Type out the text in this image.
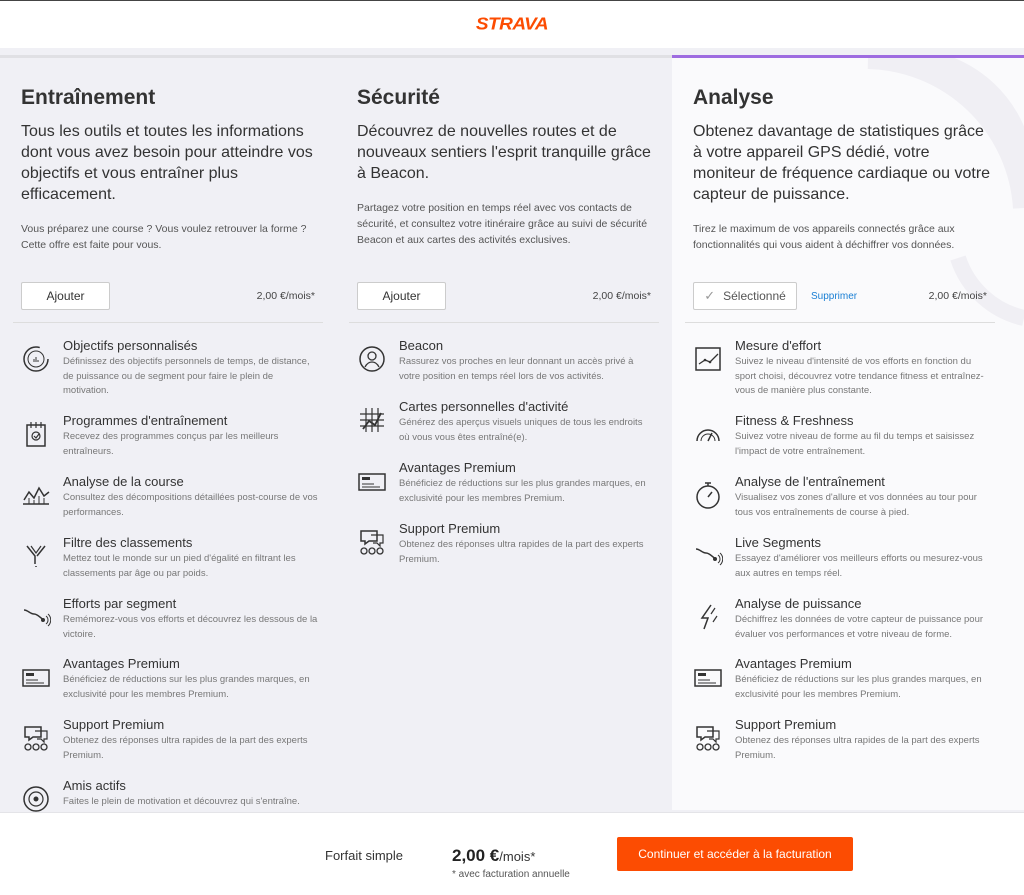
STRAVA
Entraînement
Tous les outils et toutes les informations dont vous avez besoin pour atteindre vos objectifs et vous entraîner plus efficacement.
Vous préparez une course ? Vous voulez retrouver la forme ? Cette offre est faite pour vous.
Ajouter	2,00 €/mois*
Objectifs personnalisés
Définissez des objectifs personnels de temps, de distance, de puissance ou de segment pour faire le plein de motivation.
Programmes d'entraînement
Recevez des programmes conçus par les meilleurs entraîneurs.
Analyse de la course
Consultez des décompositions détaillées post-course de vos performances.
Filtre des classements
Mettez tout le monde sur un pied d'égalité en filtrant les classements par âge ou par poids.
Efforts par segment
Remémorez-vous vos efforts et découvrez les dessous de la victoire.
Avantages Premium
Bénéficiez de réductions sur les plus grandes marques, en exclusivité pour les membres Premium.
Support Premium
Obtenez des réponses ultra rapides de la part des experts Premium.
Amis actifs
Faites le plein de motivation et découvrez qui s'entraîne.
Sécurité
Découvrez de nouvelles routes et de nouveaux sentiers l'esprit tranquille grâce à Beacon.
Partagez votre position en temps réel avec vos contacts de sécurité, et consultez votre itinéraire grâce au suivi de sécurité Beacon et aux cartes des activités exclusives.
Ajouter	2,00 €/mois*
Beacon
Rassurez vos proches en leur donnant un accès privé à votre position en temps réel lors de vos activités.
Cartes personnelles d'activité
Générez des aperçus visuels uniques de tous les endroits où vous vous êtes entraîné(e).
Avantages Premium
Bénéficiez de réductions sur les plus grandes marques, en exclusivité pour les membres Premium.
Support Premium
Obtenez des réponses ultra rapides de la part des experts Premium.
Analyse
Obtenez davantage de statistiques grâce à votre appareil GPS dédié, votre moniteur de fréquence cardiaque ou votre capteur de puissance.
Tirez le maximum de vos appareils connectés grâce aux fonctionnalités qui vous aident à déchiffrer vos données.
✓ Sélectionné	Supprimer	2,00 €/mois*
Mesure d'effort
Suivez le niveau d'intensité de vos efforts en fonction du sport choisi, découvrez votre tendance fitness et entraînez-vous de manière plus constante.
Fitness & Freshness
Suivez votre niveau de forme au fil du temps et saisissez l'impact de votre entraînement.
Analyse de l'entraînement
Visualisez vos zones d'allure et vos données au tour pour tous vos entraînements de course à pied.
Live Segments
Essayez d'améliorer vos meilleurs efforts ou mesurez-vous aux autres en temps réel.
Analyse de puissance
Déchiffrez les données de votre capteur de puissance pour évaluer vos performances et votre niveau de forme.
Avantages Premium
Bénéficiez de réductions sur les plus grandes marques, en exclusivité pour les membres Premium.
Support Premium
Obtenez des réponses ultra rapides de la part des experts Premium.
Forfait simple	2,00 €/mois*
* avec facturation annuelle
Continuer et accéder à la facturation
